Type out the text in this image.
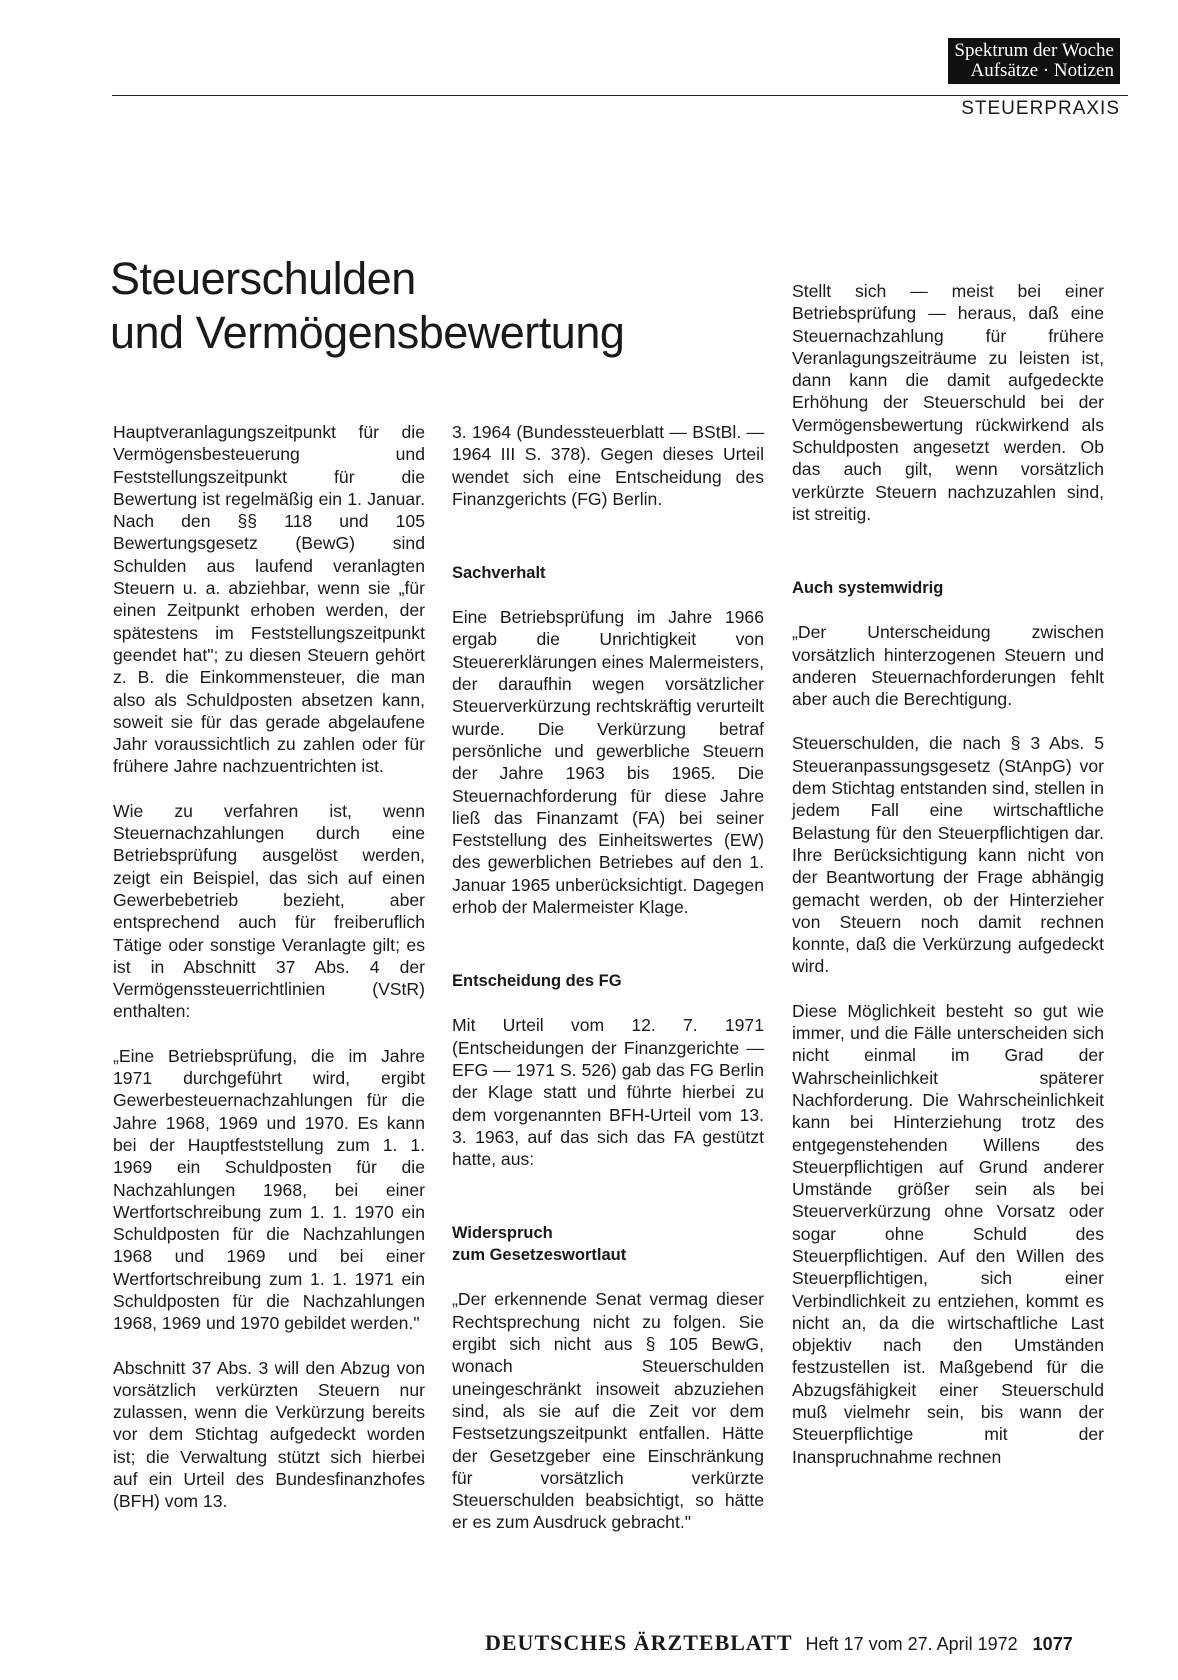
Spektrum der Woche
Aufsätze · Notizen
STEUERPRAXIS
Steuerschulden
und Vermögensbewertung

Hauptveranlagungszeitpunkt für die Vermögensbesteuerung und Feststellungszeitpunkt für die Bewertung ist regelmäßig ein 1. Januar. Nach den §§ 118 und 105 Bewertungsgesetz (BewG) sind Schulden aus laufend veranlagten Steuern u. a. abziehbar, wenn sie „für einen Zeitpunkt erhoben werden, der spätestens im Feststellungszeitpunkt geendet hat"; zu diesen Steuern gehört z. B. die Einkommensteuer, die man also als Schuldposten absetzen kann, soweit sie für das gerade abgelaufene Jahr voraussichtlich zu zahlen oder für frühere Jahre nachzuentrichten ist.

Wie zu verfahren ist, wenn Steuernachzahlungen durch eine Betriebsprüfung ausgelöst werden, zeigt ein Beispiel, das sich auf einen Gewerbebetrieb bezieht, aber entsprechend auch für freiberuflich Tätige oder sonstige Veranlagte gilt; es ist in Abschnitt 37 Abs. 4 der Vermögenssteuerrichtlinien (VStR) enthalten:

„Eine Betriebsprüfung, die im Jahre 1971 durchgeführt wird, ergibt Gewerbesteuernachzahlungen für die Jahre 1968, 1969 und 1970. Es kann bei der Hauptfeststellung zum 1. 1. 1969 ein Schuldposten für die Nachzahlungen 1968, bei einer Wertfortschreibung zum 1. 1. 1970 ein Schuldposten für die Nachzahlungen 1968 und 1969 und bei einer Wertfortschreibung zum 1. 1. 1971 ein Schuldposten für die Nachzahlungen 1968, 1969 und 1970 gebildet werden."

Abschnitt 37 Abs. 3 will den Abzug von vorsätzlich verkürzten Steuern nur zulassen, wenn die Verkürzung bereits vor dem Stichtag aufgedeckt worden ist; die Verwaltung stützt sich hierbei auf ein Urteil des Bundesfinanzhofes (BFH) vom 13.

3. 1964 (Bundessteuerblatt — BStBl. — 1964 III S. 378). Gegen dieses Urteil wendet sich eine Entscheidung des Finanzgerichts (FG) Berlin.

Sachverhalt

Eine Betriebsprüfung im Jahre 1966 ergab die Unrichtigkeit von Steuererklärungen eines Malermeisters, der daraufhin wegen vorsätzlicher Steuerverkürzung rechtskräftig verurteilt wurde. Die Verkürzung betraf persönliche und gewerbliche Steuern der Jahre 1963 bis 1965. Die Steuernachforderung für diese Jahre ließ das Finanzamt (FA) bei seiner Feststellung des Einheitswertes (EW) des gewerblichen Betriebes auf den 1. Januar 1965 unberücksichtigt. Dagegen erhob der Malermeister Klage.

Entscheidung des FG

Mit Urteil vom 12. 7. 1971 (Entscheidungen der Finanzgerichte — EFG — 1971 S. 526) gab das FG Berlin der Klage statt und führte hierbei zu dem vorgenannten BFH-Urteil vom 13. 3. 1963, auf das sich das FA gestützt hatte, aus:

Widerspruch
zum Gesetzeswortlaut

„Der erkennende Senat vermag dieser Rechtsprechung nicht zu folgen. Sie ergibt sich nicht aus § 105 BewG, wonach Steuerschulden uneingeschränkt insoweit abzuziehen sind, als sie auf die Zeit vor dem Festsetzungszeitpunkt entfallen. Hätte der Gesetzgeber eine Einschränkung für vorsätzlich verkürzte Steuerschulden beabsichtigt, so hätte er es zum Ausdruck gebracht."

Stellt sich — meist bei einer Betriebsprüfung — heraus, daß eine Steuernachzahlung für frühere Veranlagungszeiträume zu leisten ist, dann kann die damit aufgedeckte Erhöhung der Steuerschuld bei der Vermögensbewertung rückwirkend als Schuldposten angesetzt werden. Ob das auch gilt, wenn vorsätzlich verkürzte Steuern nachzuzahlen sind, ist streitig.

Auch systemwidrig

„Der Unterscheidung zwischen vorsätzlich hinterzogenen Steuern und anderen Steuernachforderungen fehlt aber auch die Berechtigung.

Steuerschulden, die nach § 3 Abs. 5 Steueranpassungsgesetz (StAnpG) vor dem Stichtag entstanden sind, stellen in jedem Fall eine wirtschaftliche Belastung für den Steuerpflichtigen dar. Ihre Berücksichtigung kann nicht von der Beantwortung der Frage abhängig gemacht werden, ob der Hinterzieher von Steuern noch damit rechnen konnte, daß die Verkürzung aufgedeckt wird.

Diese Möglichkeit besteht so gut wie immer, und die Fälle unterscheiden sich nicht einmal im Grad der Wahrscheinlichkeit späterer Nachforderung. Die Wahrscheinlichkeit kann bei Hinterziehung trotz des entgegenstehenden Willens des Steuerpflichtigen auf Grund anderer Umstände größer sein als bei Steuerverkürzung ohne Vorsatz oder sogar ohne Schuld des Steuerpflichtigen. Auf den Willen des Steuerpflichtigen, sich einer Verbindlichkeit zu entziehen, kommt es nicht an, da die wirtschaftliche Last objektiv nach den Umständen festzustellen ist. Maßgebend für die Abzugsfähigkeit einer Steuerschuld muß vielmehr sein, bis wann der Steuerpflichtige mit der Inanspruchnahme rechnen

DEUTSCHES ÄRZTEBLATT Heft 17 vom 27. April 1972 1077
